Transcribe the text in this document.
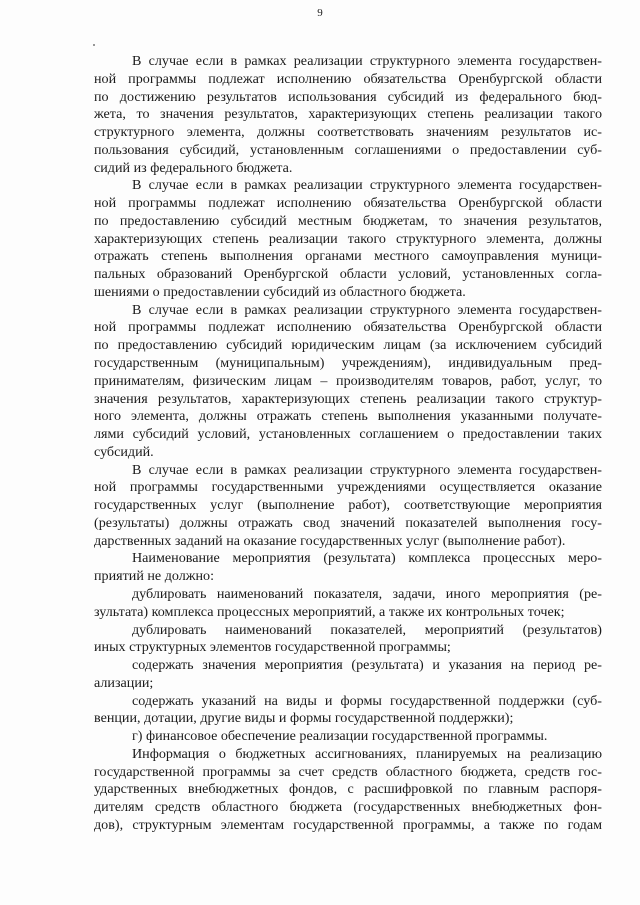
9
В случае если в рамках реализации структурного элемента государствен-
ной программы подлежат исполнению обязательства Оренбургской области
по достижению результатов использования субсидий из федерального бюд-
жета, то значения результатов, характеризующих степень реализации такого
структурного элемента, должны соответствовать значениям результатов ис-
пользования субсидий, установленным соглашениями о предоставлении суб-
сидий из федерального бюджета.
В случае если в рамках реализации структурного элемента государствен-
ной программы подлежат исполнению обязательства Оренбургской области
по предоставлению субсидий местным бюджетам, то значения результатов,
характеризующих степень реализации такого структурного элемента, должны
отражать степень выполнения органами местного самоуправления муници-
пальных образований Оренбургской области условий, установленных согла-
шениями о предоставлении субсидий из областного бюджета.
В случае если в рамках реализации структурного элемента государствен-
ной программы подлежат исполнению обязательства Оренбургской области
по предоставлению субсидий юридическим лицам (за исключением субсидий
государственным (муниципальным) учреждениям), индивидуальным пред-
принимателям, физическим лицам – производителям товаров, работ, услуг, то
значения результатов, характеризующих степень реализации такого структур-
ного элемента, должны отражать степень выполнения указанными получате-
лями субсидий условий, установленных соглашением о предоставлении таких
субсидий.
В случае если в рамках реализации структурного элемента государствен-
ной программы государственными учреждениями осуществляется оказание
государственных услуг (выполнение работ), соответствующие мероприятия
(результаты) должны отражать свод значений показателей выполнения госу-
дарственных заданий на оказание государственных услуг (выполнение работ).
Наименование мероприятия (результата) комплекса процессных меро-
приятий не должно:
дублировать наименований показателя, задачи, иного мероприятия (ре-
зультата) комплекса процессных мероприятий, а также их контрольных точек;
дублировать наименований показателей, мероприятий (результатов)
иных структурных элементов государственной программы;
содержать значения мероприятия (результата) и указания на период ре-
ализации;
содержать указаний на виды и формы государственной поддержки (суб-
венции, дотации, другие виды и формы государственной поддержки);
г) финансовое обеспечение реализации государственной программы.
Информация о бюджетных ассигнованиях, планируемых на реализацию
государственной программы за счет средств областного бюджета, средств гос-
ударственных внебюджетных фондов, с расшифровкой по главным распоря-
дителям средств областного бюджета (государственных внебюджетных фон-
дов), структурным элементам государственной программы, а также по годам
